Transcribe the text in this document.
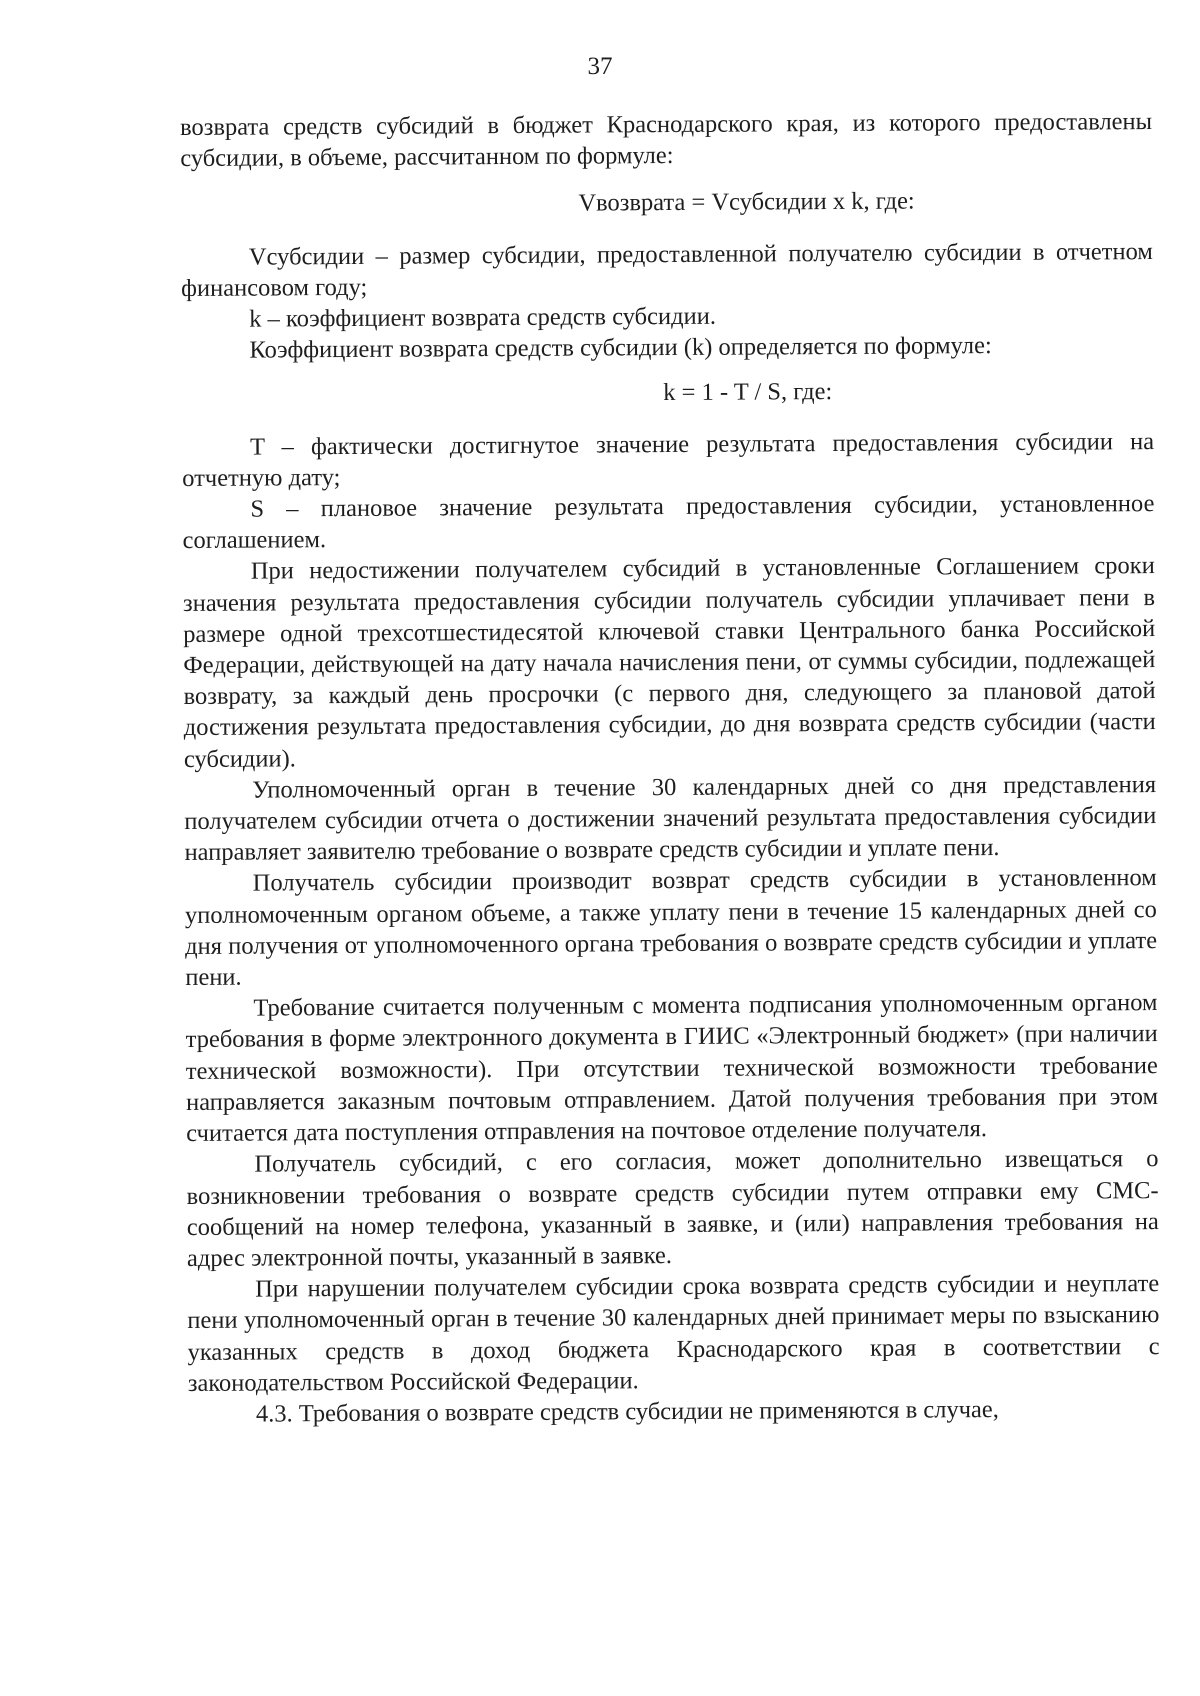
37

возврата средств субсидий в бюджет Краснодарского края, из которого предоставлены субсидии, в объеме, рассчитанном по формуле:

Vвозврата = Vсубсидии x k, где:

Vсубсидии – размер субсидии, предоставленной получателю субсидии в отчетном финансовом году;

k – коэффициент возврата средств субсидии.

Коэффициент возврата средств субсидии (k) определяется по формуле:

k = 1 - T / S, где:

T – фактически достигнутое значение результата предоставления субсидии на отчетную дату;

S – плановое значение результата предоставления субсидии, установленное соглашением.

При недостижении получателем субсидий в установленные Соглашением сроки значения результата предоставления субсидии получатель субсидии уплачивает пени в размере одной трехсотшестидесятой ключевой ставки Центрального банка Российской Федерации, действующей на дату начала начисления пени, от суммы субсидии, подлежащей возврату, за каждый день просрочки (с первого дня, следующего за плановой датой достижения результата предоставления субсидии, до дня возврата средств субсидии (части субсидии).

Уполномоченный орган в течение 30 календарных дней со дня представления получателем субсидии отчета о достижении значений результата предоставления субсидии направляет заявителю требование о возврате средств субсидии и уплате пени.

Получатель субсидии производит возврат средств субсидии в установленном уполномоченным органом объеме, а также уплату пени в течение 15 календарных дней со дня получения от уполномоченного органа требования о возврате средств субсидии и уплате пени.

Требование считается полученным с момента подписания уполномоченным органом требования в форме электронного документа в ГИИС «Электронный бюджет» (при наличии технической возможности). При отсутствии технической возможности требование направляется заказным почтовым отправлением. Датой получения требования при этом считается дата поступления отправления на почтовое отделение получателя.

Получатель субсидий, с его согласия, может дополнительно извещаться о возникновении требования о возврате средств субсидии путем отправки ему СМС-сообщений на номер телефона, указанный в заявке, и (или) направления требования на адрес электронной почты, указанный в заявке.

При нарушении получателем субсидии срока возврата средств субсидии и неуплате пени уполномоченный орган в течение 30 календарных дней принимает меры по взысканию указанных средств в доход бюджета Краснодарского края в соответствии с законодательством Российской Федерации.

4.3. Требования о возврате средств субсидии не применяются в случае,
